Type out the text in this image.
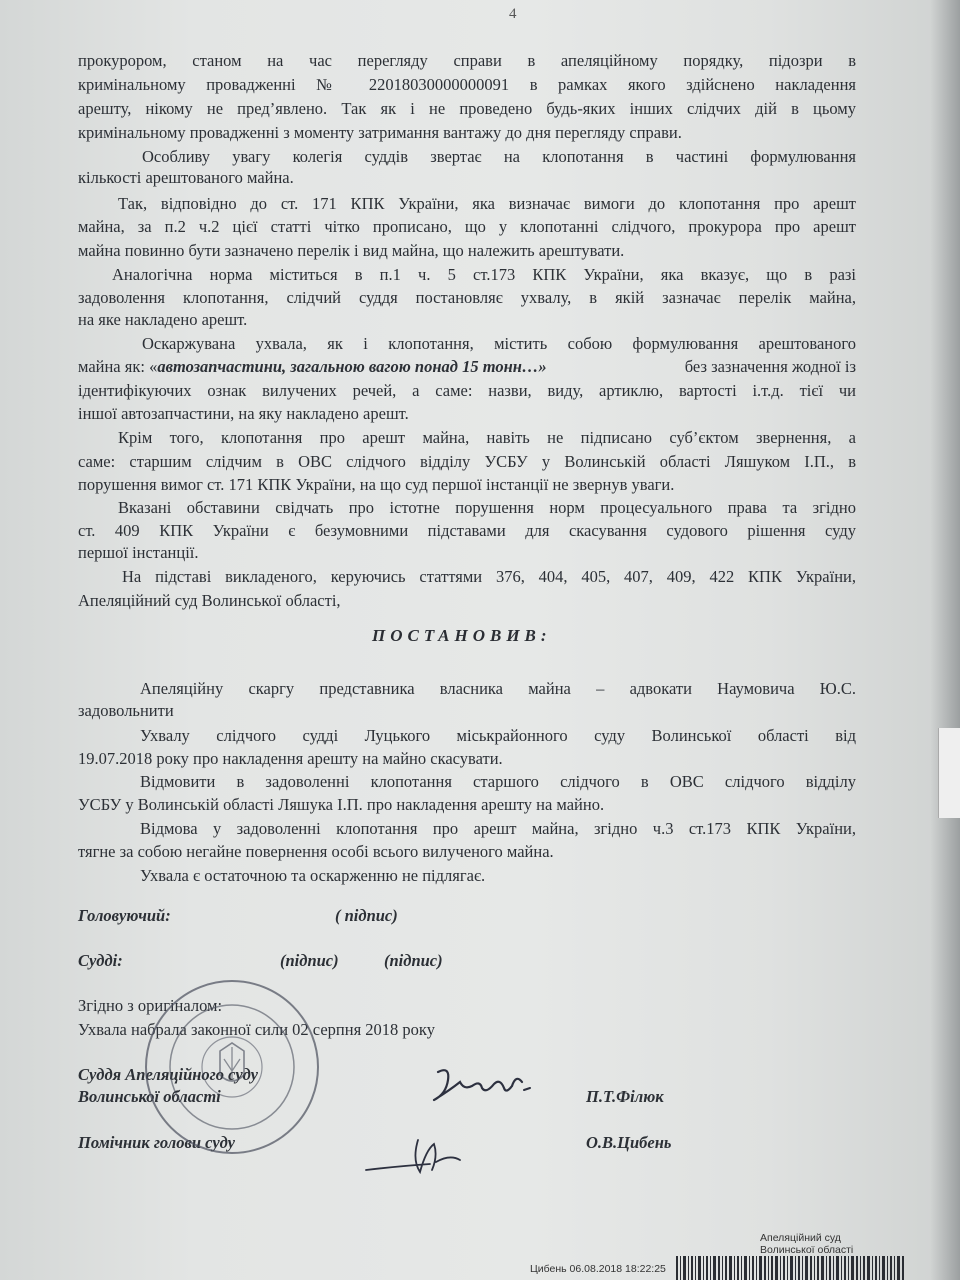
4
прокурором, станом на час перегляду справи в апеляційному порядку, підозри в
кримінальному провадженні № 22018030000000091 в рамках якого здійснено накладення
арешту, нікому не пред’явлено. Так як і не проведено будь-яких інших слідчих дій в цьому
кримінальному провадженні з моменту затримання вантажу до дня перегляду справи.
Особливу увагу колегія суддів звертає на клопотання в частині формулювання
кількості арештованого майна.
Так, відповідно до ст. 171 КПК України, яка визначає вимоги до клопотання про арешт
майна, за п.2 ч.2 цієї статті чітко прописано, що у клопотанні слідчого, прокурора про арешт
майна повинно бути зазначено перелік і вид майна, що належить арештувати.
Аналогічна норма міститься в п.1 ч. 5 ст.173 КПК України, яка вказує, що в разі
задоволення клопотання, слідчий суддя постановляє ухвалу, в якій зазначає перелік майна,
на яке накладено арешт.
Оскаржувана ухвала, як і клопотання, містить собою формулювання арештованого
майна як: «автозапчастини, загальною вагою понад 15 тонн…»	без зазначення жодної із
ідентифікуючих ознак вилучених речей, а саме: назви, виду, артиклю, вартості і.т.д. тієї чи
іншої автозапчастини, на яку накладено арешт.
Крім того, клопотання про арешт майна, навіть не підписано суб’єктом звернення, а
саме: старшим слідчим в ОВС слідчого відділу УСБУ у Волинській області Ляшуком І.П., в
порушення вимог ст. 171 КПК України, на що суд першої інстанції не звернув уваги.
Вказані обставини свідчать про істотне порушення норм процесуального права та згідно
ст. 409 КПК України є безумовними підставами для скасування судового рішення суду
першої інстанції.
На підставі викладеного, керуючись статтями 376, 404, 405, 407, 409, 422 КПК України,
Апеляційний суд Волинської області,
ПОСТАНОВИВ:
Апеляційну скаргу представника власника майна – адвокати Наумовича Ю.С.
задовольнити
Ухвалу слідчого судді Луцького міськрайонного суду Волинської області від
19.07.2018 року про накладення арешту на майно скасувати.
Відмовити в задоволенні клопотання старшого слідчого в ОВС слідчого відділу
УСБУ у Волинській області Ляшука І.П. про накладення арешту на майно.
Відмова у задоволенні клопотання про арешт майна, згідно ч.3 ст.173 КПК України,
тягне за собою негайне повернення особі всього вилученого майна.
Ухвала є остаточною та оскарженню не підлягає.
Головуючий:	( підпис)
Судді:	(підпис)	(підпис)
Згідно з оригіналом:
Ухвала набрала законної сили 02 серпня 2018 року
Суддя Апеляційного суду
Волинської області	П.Т.Філюк
Помічник голови суду	О.В.Цибень
Апеляційний суд
Волинської області
Цибень 06.08.2018 18:22:25
